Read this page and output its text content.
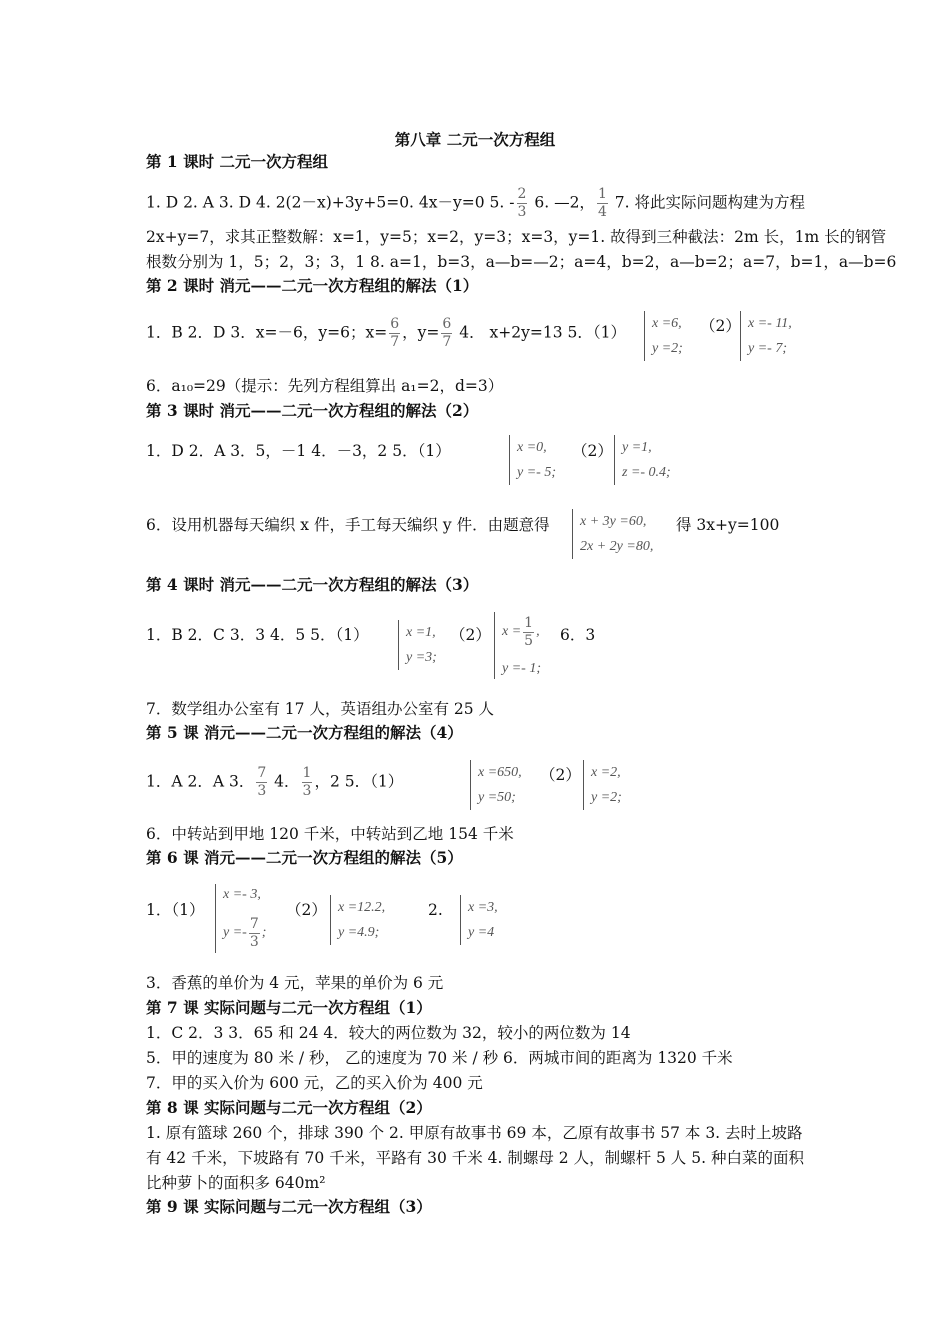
第八章 二元一次方程组
第 1 课时 二元一次方程组
1. D 2. A 3. D 4. 2(2－x)+3y+5=0. 4x－y=0 5. - $\frac{2}{3} 6$. —2， $\frac{1}{4} 7$. 将此实际问题构建为方程
2x+y=7，求其正整数解：x=1，y=5；x=2，y=3；x=3，y=1. 故得到三种截法：2m 长，1m 长的钢管
根数分别为 1，5；2，3；3，1 8. a=1，b=3，a—b=—2；a=4，b=2，a—b=2；a=7，b=1，a—b=6
第 2 课时 消元——二元一次方程组的解法（1）
1．B 2．D 3．x=－6，y=6；$x= \frac{6}{7}$ ，$y= \frac{6}{7} 4$． x+2y=13 5．（1） x =6,
y =2;
（2） x =- 11,
y =- 7;
6．a₁₀=29（提示：先列方程组算出 a₁=2，d=3）
第 3 课时 消元——二元一次方程组的解法（2）
1．D 2．A 3．5，－1 4．－3，2 5．（1）	x =0,
y =- 5;
（2） y =1,
z =- 0.4;
6．设用机器每天编织 x 件，手工每天编织 y 件．由题意得 x + 3y =60,
2x + 2y =80,
得 3x+y=100
第 4 课时 消元——二元一次方程组的解法（3）
1．B 2．C 3．3 4．5 5．（1）	x =1,
y =3;
（2） $x = \frac{1}{5}$ ,
y =- 1;
6．3
7．数学组办公室有 17 人，英语组办公室有 25 人
第 5 课 消元——二元一次方程组的解法（4）
1．A 2．A 3． $\frac{7}{3} 4$． $\frac{1}{3}$ ，2 5．（1）	x =650,
y =50;
（2） x =2,
y =2;
6．中转站到甲地 120 千米，中转站到乙地 154 千米
第 6 课 消元——二元一次方程组的解法（5）
1．（1）
x =- 3,
$y =- \frac{7}{3}$ ;
（2） x =12.2,
y =4.9;
2. x =3,
y =4
3．香蕉的单价为 4 元，苹果的单价为 6 元
第 7 课 实际问题与二元一次方程组（1）
1．C 2．3 3．65 和 24 4．较大的两位数为 32，较小的两位数为 14
5．甲的速度为 80 米 / 秒， 乙的速度为 70 米 / 秒 6．两城市间的距离为 1320 千米
7．甲的买入价为 600 元，乙的买入价为 400 元
第 8 课 实际问题与二元一次方程组（2）
1. 原有篮球 260 个，排球 390 个 2. 甲原有故事书 69 本，乙原有故事书 57 本 3. 去时上坡路
有 42 千米，下坡路有 70 千米，平路有 30 千米 4. 制螺母 2 人，制螺杆 5 人 5. 种白菜的面积
比种萝卜的面积多 640m²
第 9 课 实际问题与二元一次方程组（3）
